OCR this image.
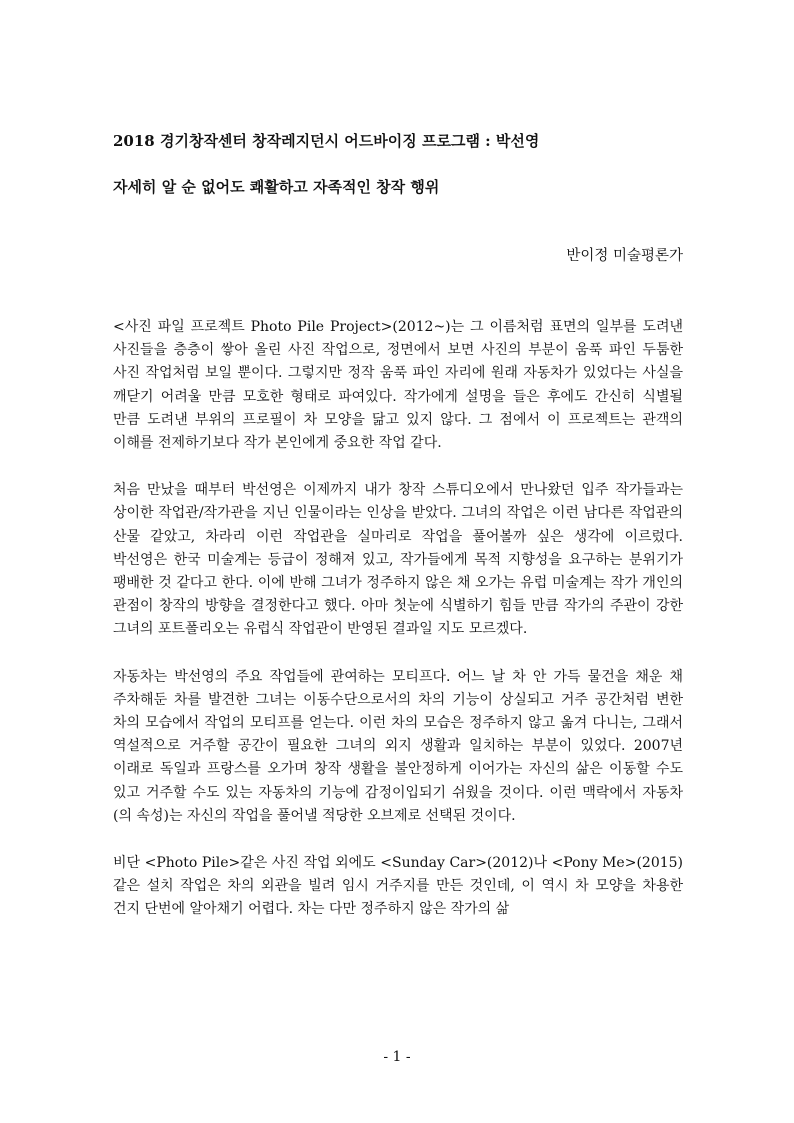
2018 경기창작센터 창작레지던시 어드바이징 프로그램 : 박선영
자세히 알 순 없어도 쾌활하고 자족적인 창작 행위
반이정 미술평론가

<사진 파일 프로젝트 Photo Pile Project>(2012~)는 그 이름처럼 표면의 일부를 도려낸 사진들을 층층이 쌓아 올린 사진 작업으로, 정면에서 보면 사진의 부분이 움푹 파인 두툼한 사진 작업처럼 보일 뿐이다. 그렇지만 정작 움푹 파인 자리에 원래 자동차가 있었다는 사실을 깨닫기 어려울 만큼 모호한 형태로 파여있다. 작가에게 설명을 들은 후에도 간신히 식별될 만큼 도려낸 부위의 프로필이 차 모양을 닮고 있지 않다. 그 점에서 이 프로젝트는 관객의 이해를 전제하기보다 작가 본인에게 중요한 작업 같다.

처음 만났을 때부터 박선영은 이제까지 내가 창작 스튜디오에서 만나왔던 입주 작가들과는 상이한 작업관/작가관을 지닌 인물이라는 인상을 받았다. 그녀의 작업은 이런 남다른 작업관의 산물 같았고, 차라리 이런 작업관을 실마리로 작업을 풀어볼까 싶은 생각에 이르렀다. 박선영은 한국 미술계는 등급이 정해져 있고, 작가들에게 목적 지향성을 요구하는 분위기가 팽배한 것 같다고 한다. 이에 반해 그녀가 정주하지 않은 채 오가는 유럽 미술계는 작가 개인의 관점이 창작의 방향을 결정한다고 했다. 아마 첫눈에 식별하기 힘들 만큼 작가의 주관이 강한 그녀의 포트폴리오는 유럽식 작업관이 반영된 결과일 지도 모르겠다.

자동차는 박선영의 주요 작업들에 관여하는 모티프다. 어느 날 차 안 가득 물건을 채운 채 주차해둔 차를 발견한 그녀는 이동수단으로서의 차의 기능이 상실되고 거주 공간처럼 변한 차의 모습에서 작업의 모티프를 얻는다. 이런 차의 모습은 정주하지 않고 옮겨 다니는, 그래서 역설적으로 거주할 공간이 필요한 그녀의 외지 생활과 일치하는 부분이 있었다. 2007년 이래로 독일과 프랑스를 오가며 창작 생활을 불안정하게 이어가는 자신의 삶은 이동할 수도 있고 거주할 수도 있는 자동차의 기능에 감정이입되기 쉬웠을 것이다. 이런 맥락에서 자동차(의 속성)는 자신의 작업을 풀어낼 적당한 오브제로 선택된 것이다.

비단 <Photo Pile>같은 사진 작업 외에도 <Sunday Car>(2012)나 <Pony Me>(2015)같은 설치 작업은 차의 외관을 빌려 임시 거주지를 만든 것인데, 이 역시 차 모양을 차용한 건지 단번에 알아채기 어렵다. 차는 다만 정주하지 않은 작가의 삶

- 1 -
